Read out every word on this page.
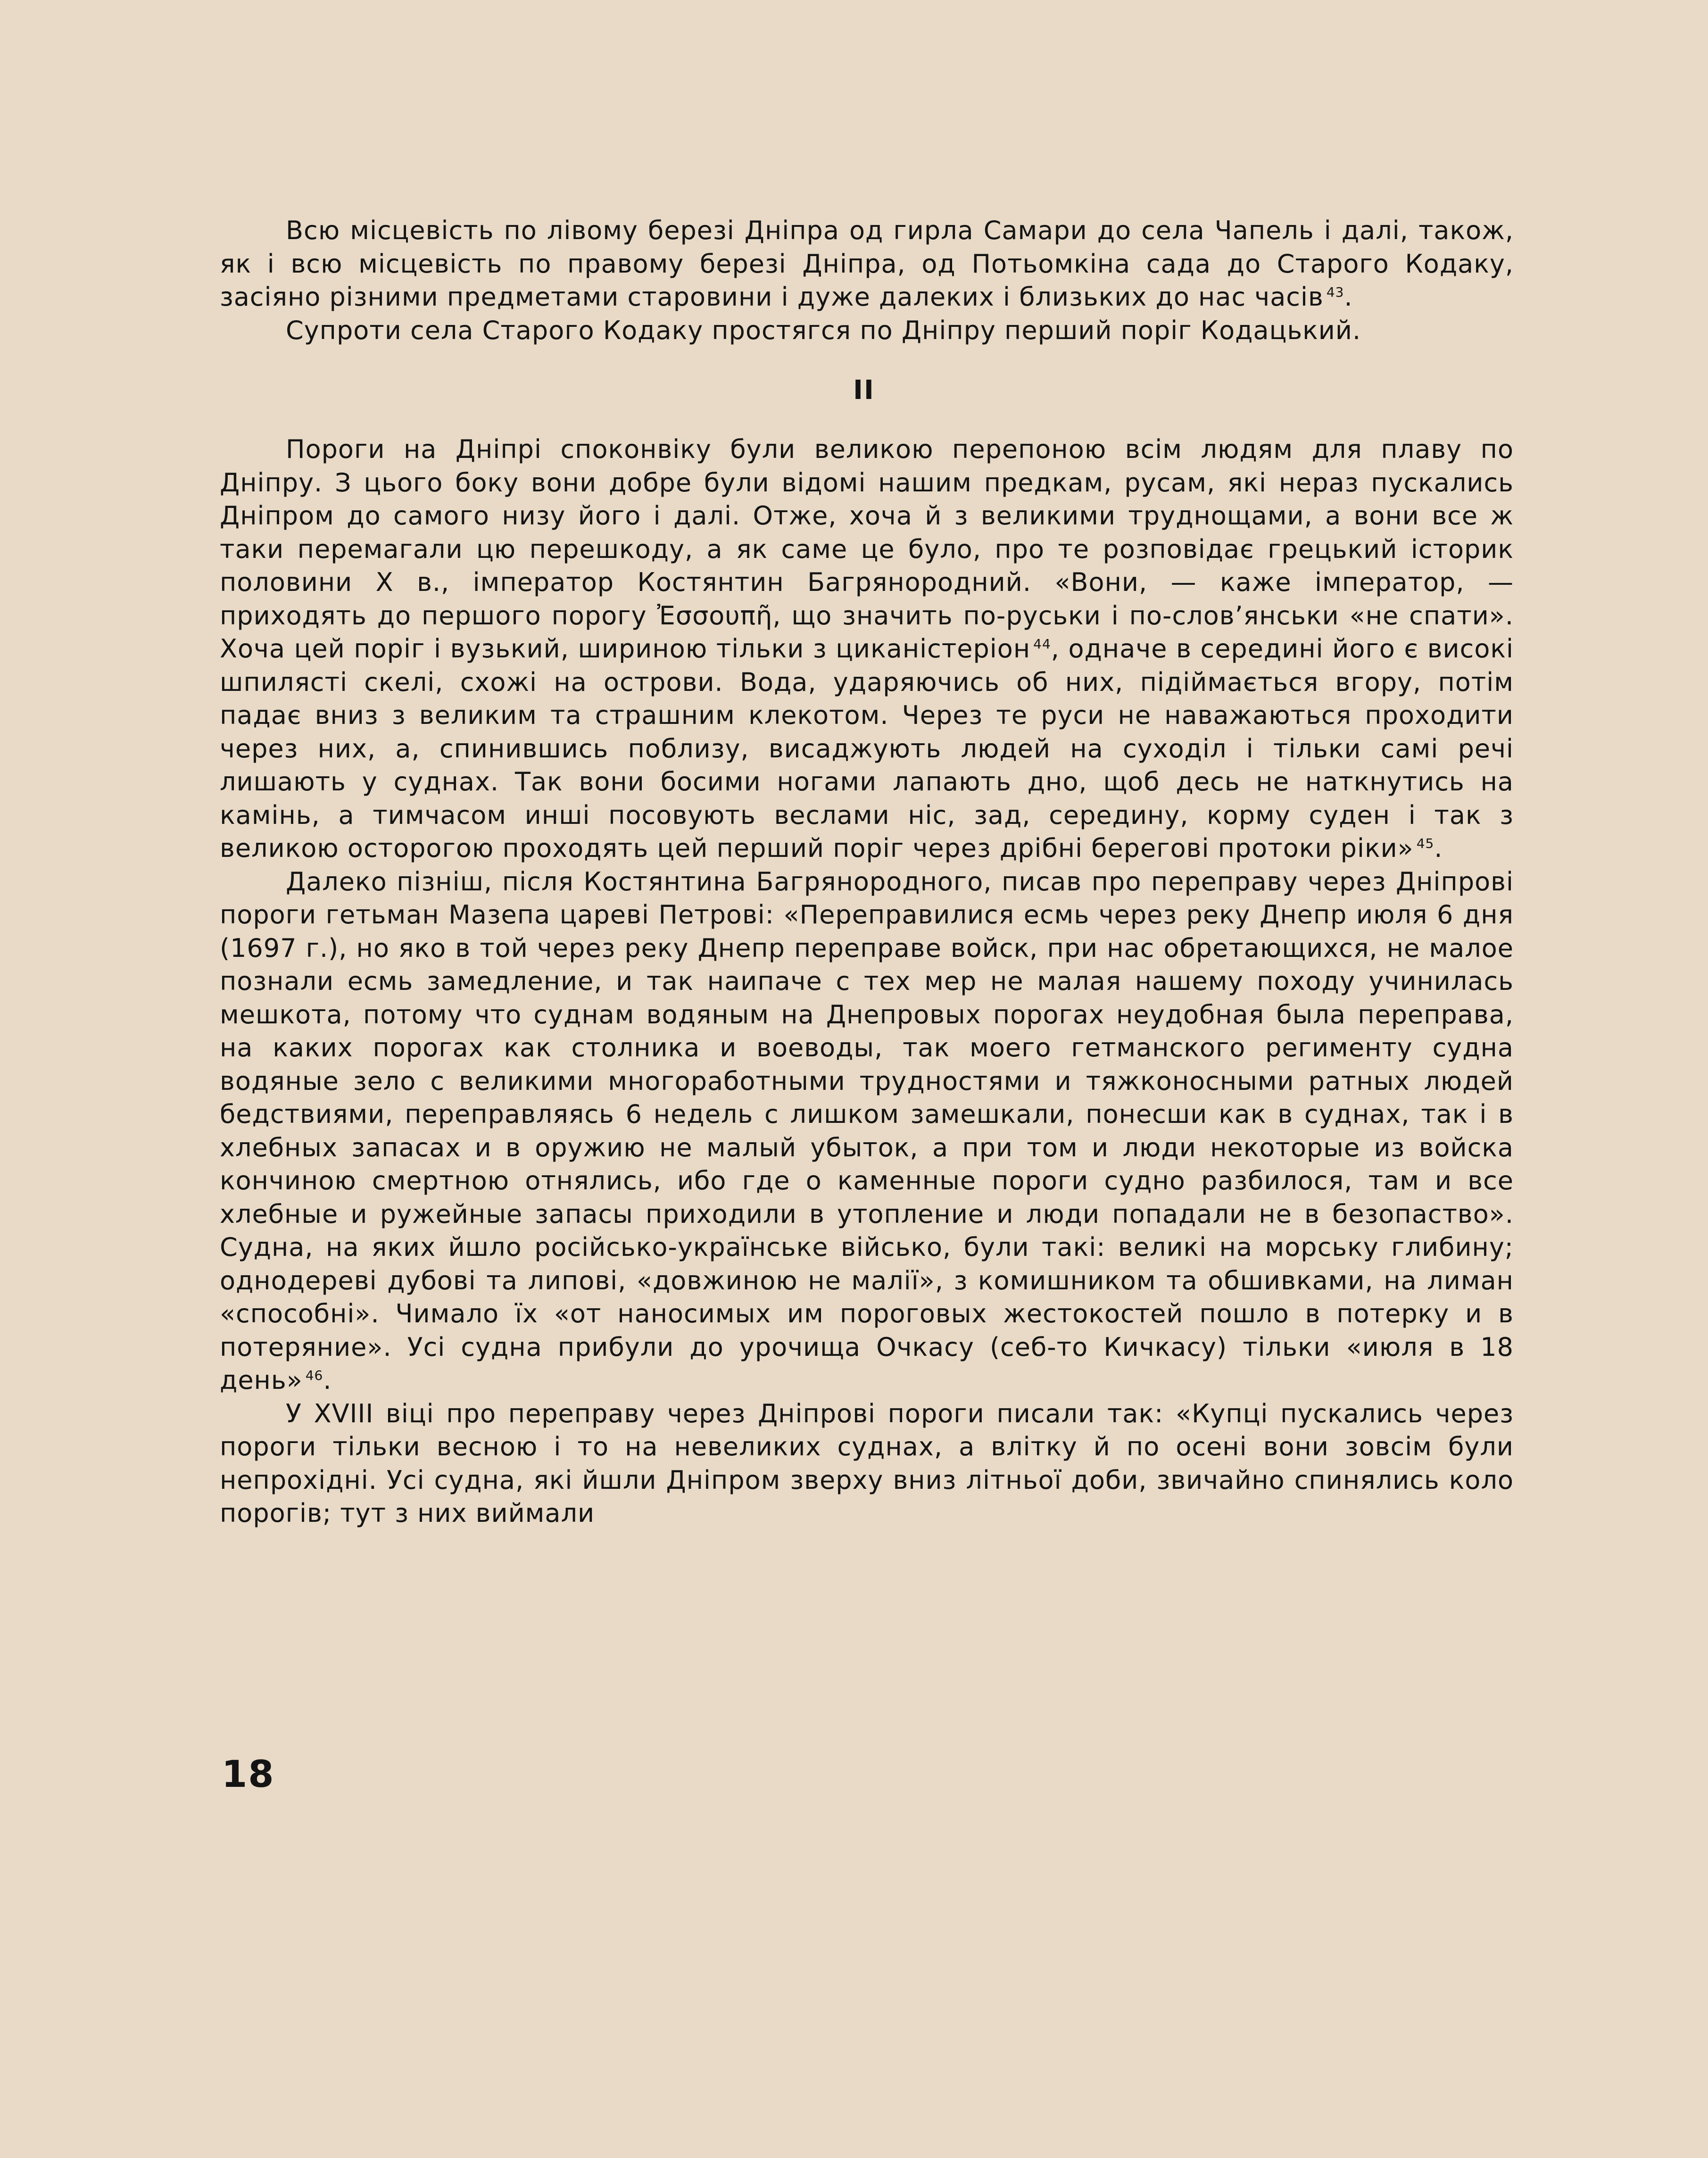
Всю місцевість по лівому березі Дніпра од гирла Самари до села Чапель і далі, також, як і всю місцевість по правому березі Дніпра, од Потьомкіна сада до Старого Кодаку, засіяно різними предметами старовини і дуже далеких і близьких до нас часів $^{43}$.

Супроти села Старого Кодаку простягся по Дніпру перший поріг Кодацький.

II

Пороги на Дніпрі споконвіку були великою перепоною всім людям для плаву по Дніпру. З цього боку вони добре були відомі нашим предкам, русам, які нераз пускались Дніпром до самого низу його і далі. Отже, хоча й з великими труднощами, а вони все ж таки перемагали цю перешкоду, а як саме це було, про те розповідає грецький історик половини X в., імператор Костянтин Багрянородний. «Вони, — каже імператор, — приходять до першого порогу Ἐσσουπῆ, що значить по-руськи і по-слов’янськи «не спати». Хоча цей поріг і вузький, шириною тільки з циканістеріон $^{44}$, одначе в середині його є високі шпилясті скелі, схожі на острови. Вода, ударяючись об них, підіймається вгору, потім падає вниз з великим та страшним клекотом. Через те руси не наважаються проходити через них, а, спинившись поблизу, висаджують людей на суходіл і тільки самі речі лишають у суднах. Так вони босими ногами лапають дно, щоб десь не наткнутись на камінь, а тимчасом инші посовують веслами ніс, зад, середину, корму суден і так з великою осторогою проходять цей перший поріг через дрібні берегові протоки ріки» $^{45}$.

Далеко пізніш, після Костянтина Багрянородного, писав про переправу через Дніпрові пороги гетьман Мазепа цареві Петрові: «Переправилися есмь через реку Днепр июля 6 дня (1697 г.), но яко в той через реку Днепр переправе войск, при нас обретающихся, не малое познали есмь замедление, и так наипаче с тех мер не малая нашему походу учинилась мешкота, потому что суднам водяным на Днепровых порогах неудобная была переправа, на каких порогах как столника и воеводы, так моего гетманского регименту судна водяные зело с великими многоработными трудностями и тяжконосными ратных людей бедствиями, переправляясь 6 недель с лишком замешкали, понесши как в суднах, так і в хлебных запасах и в оружию не малый убыток, а при том и люди некоторые из войска кончиною смертною отнялись, ибо где о каменные пороги судно разбилося, там и все хлебные и ружейные запасы приходили в утопление и люди попадали не в безопаство». Судна, на яких йшло російсько-українське військо, були такі: великі на морську глибину; однодереві дубові та липові, «довжиною не малії», з комишником та обшивками, на лиман «способні». Чимало їх «от наносимых им пороговых жестокостей пошло в потерку и в потеряние». Усі судна прибули до урочища Очкасу (себ-то Кичкасу) тільки «июля в 18 день» $^{46}$.

У XVIII віці про переправу через Дніпрові пороги писали так: «Купці пускались через пороги тільки весною і то на невеликих суднах, а влітку й по осені вони зовсім були непрохідні. Усі судна, які йшли Дніпром зверху вниз літньої доби, звичайно спинялись коло порогів; тут з них виймали

18
